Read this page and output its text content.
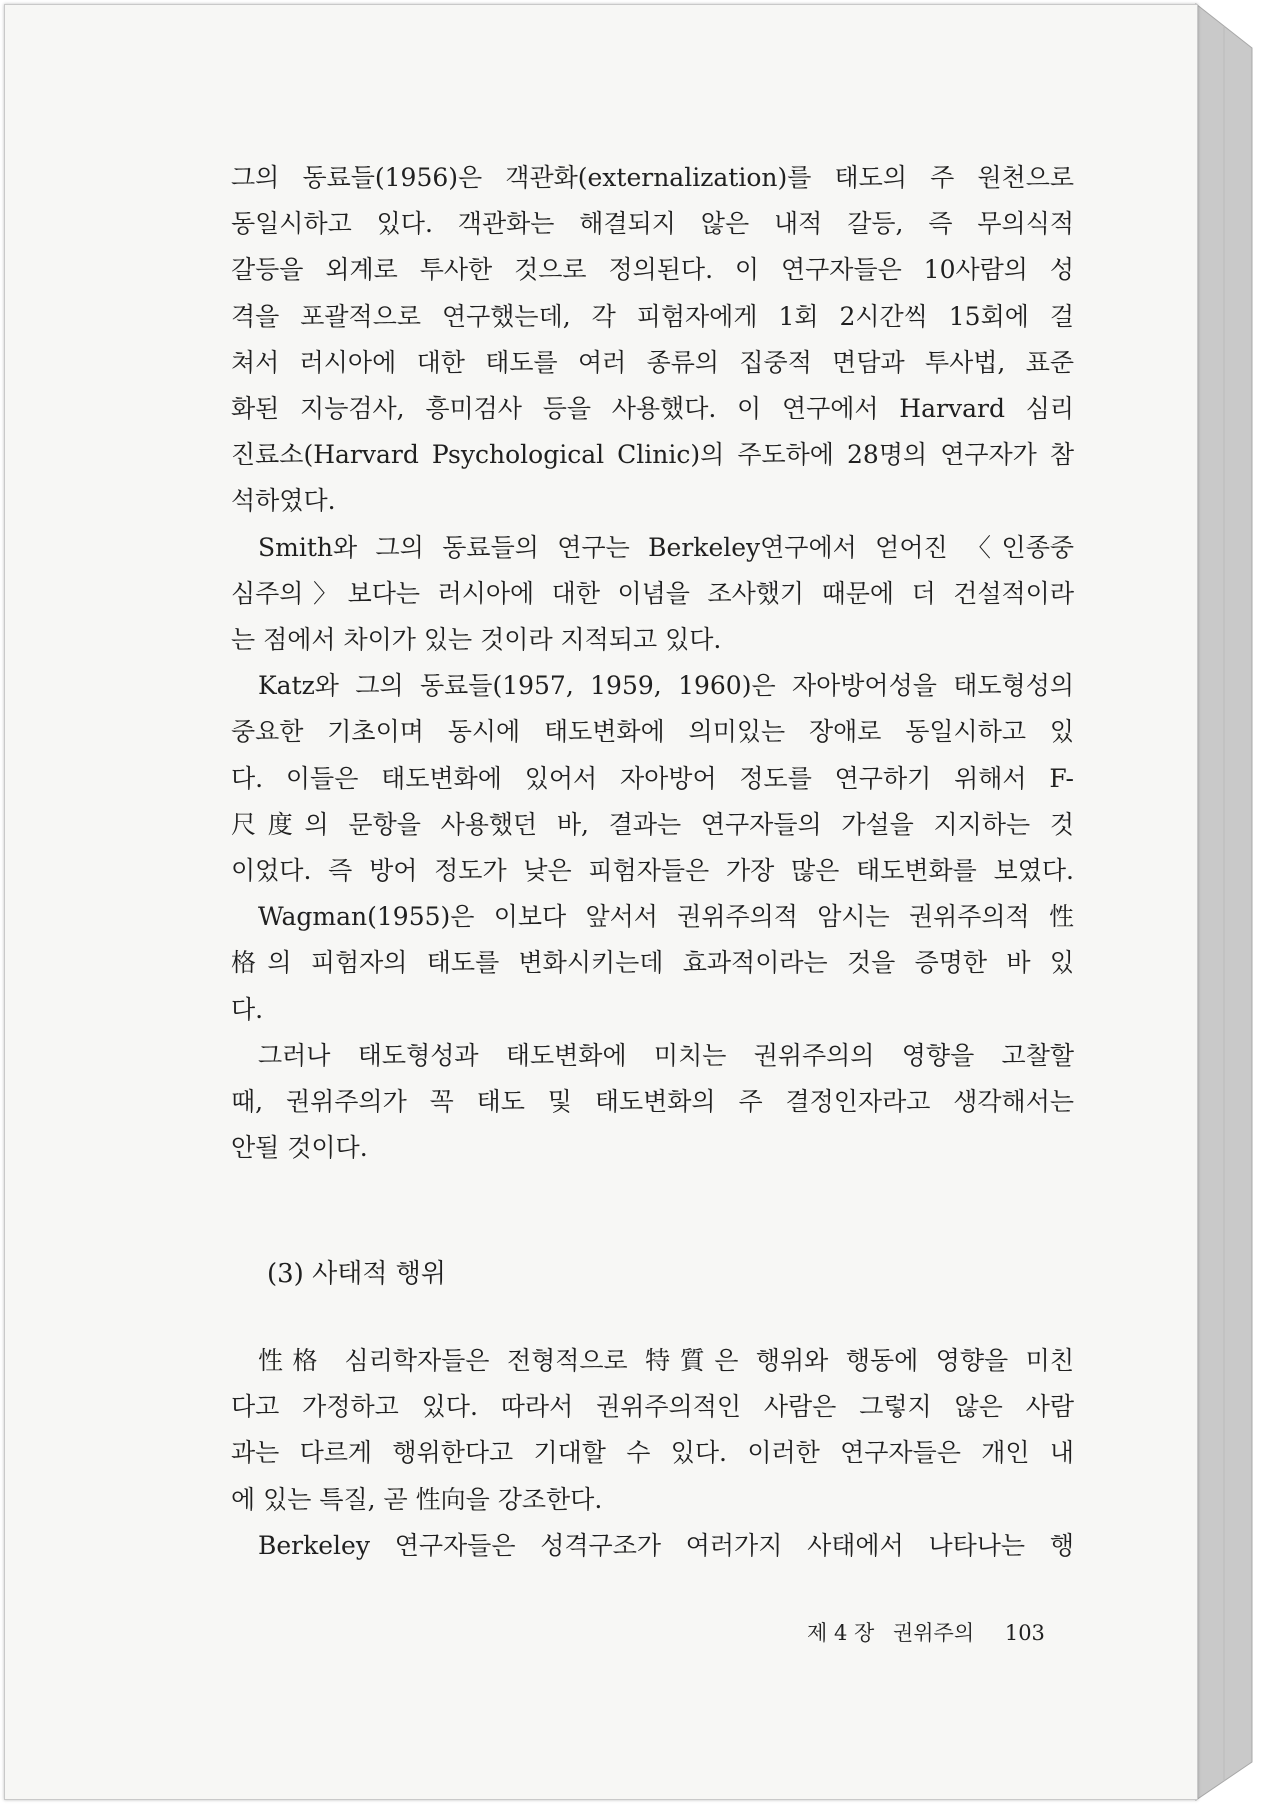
그의 동료들(1956)은 객관화(externalization)를 태도의 주 원천으로
동일시하고 있다. 객관화는 해결되지 않은 내적 갈등, 즉 무의식적
갈등을 외계로 투사한 것으로 정의된다. 이 연구자들은 10사람의 성
격을 포괄적으로 연구했는데, 각 피험자에게 1회 2시간씩 15회에 걸
쳐서 러시아에 대한 태도를 여러 종류의 집중적 면담과 투사법, 표준
화된 지능검사, 흥미검사 등을 사용했다. 이 연구에서 Harvard 심리
진료소(Harvard Psychological Clinic)의 주도하에 28명의 연구자가 참
석하였다.
Smith와 그의 동료들의 연구는 Berkeley연구에서 얻어진 〈인종중
심주의〉보다는 러시아에 대한 이념을 조사했기 때문에 더 건설적이라
는 점에서 차이가 있는 것이라 지적되고 있다.
Katz와 그의 동료들(1957, 1959, 1960)은 자아방어성을 태도형성의
중요한 기초이며 동시에 태도변화에 의미있는 장애로 동일시하고 있
다. 이들은 태도변화에 있어서 자아방어 정도를 연구하기 위해서 F-
尺度의 문항을 사용했던 바, 결과는 연구자들의 가설을 지지하는 것
이었다. 즉 방어 정도가 낮은 피험자들은 가장 많은 태도변화를 보였다.
Wagman(1955)은 이보다 앞서서 권위주의적 암시는 권위주의적 性
格의 피험자의 태도를 변화시키는데 효과적이라는 것을 증명한 바 있
다.
그러나 태도형성과 태도변화에 미치는 권위주의의 영향을 고찰할
때, 권위주의가 꼭 태도 및 태도변화의 주 결정인자라고 생각해서는
안될 것이다.
(3) 사태적 행위
性格 심리학자들은 전형적으로 特質은 행위와 행동에 영향을 미친
다고 가정하고 있다. 따라서 권위주의적인 사람은 그렇지 않은 사람
과는 다르게 행위한다고 기대할 수 있다. 이러한 연구자들은 개인 내
에 있는 특질, 곧 性向을 강조한다.
Berkeley 연구자들은 성격구조가 여러가지 사태에서 나타나는 행
제 4 장 권위주의 103
